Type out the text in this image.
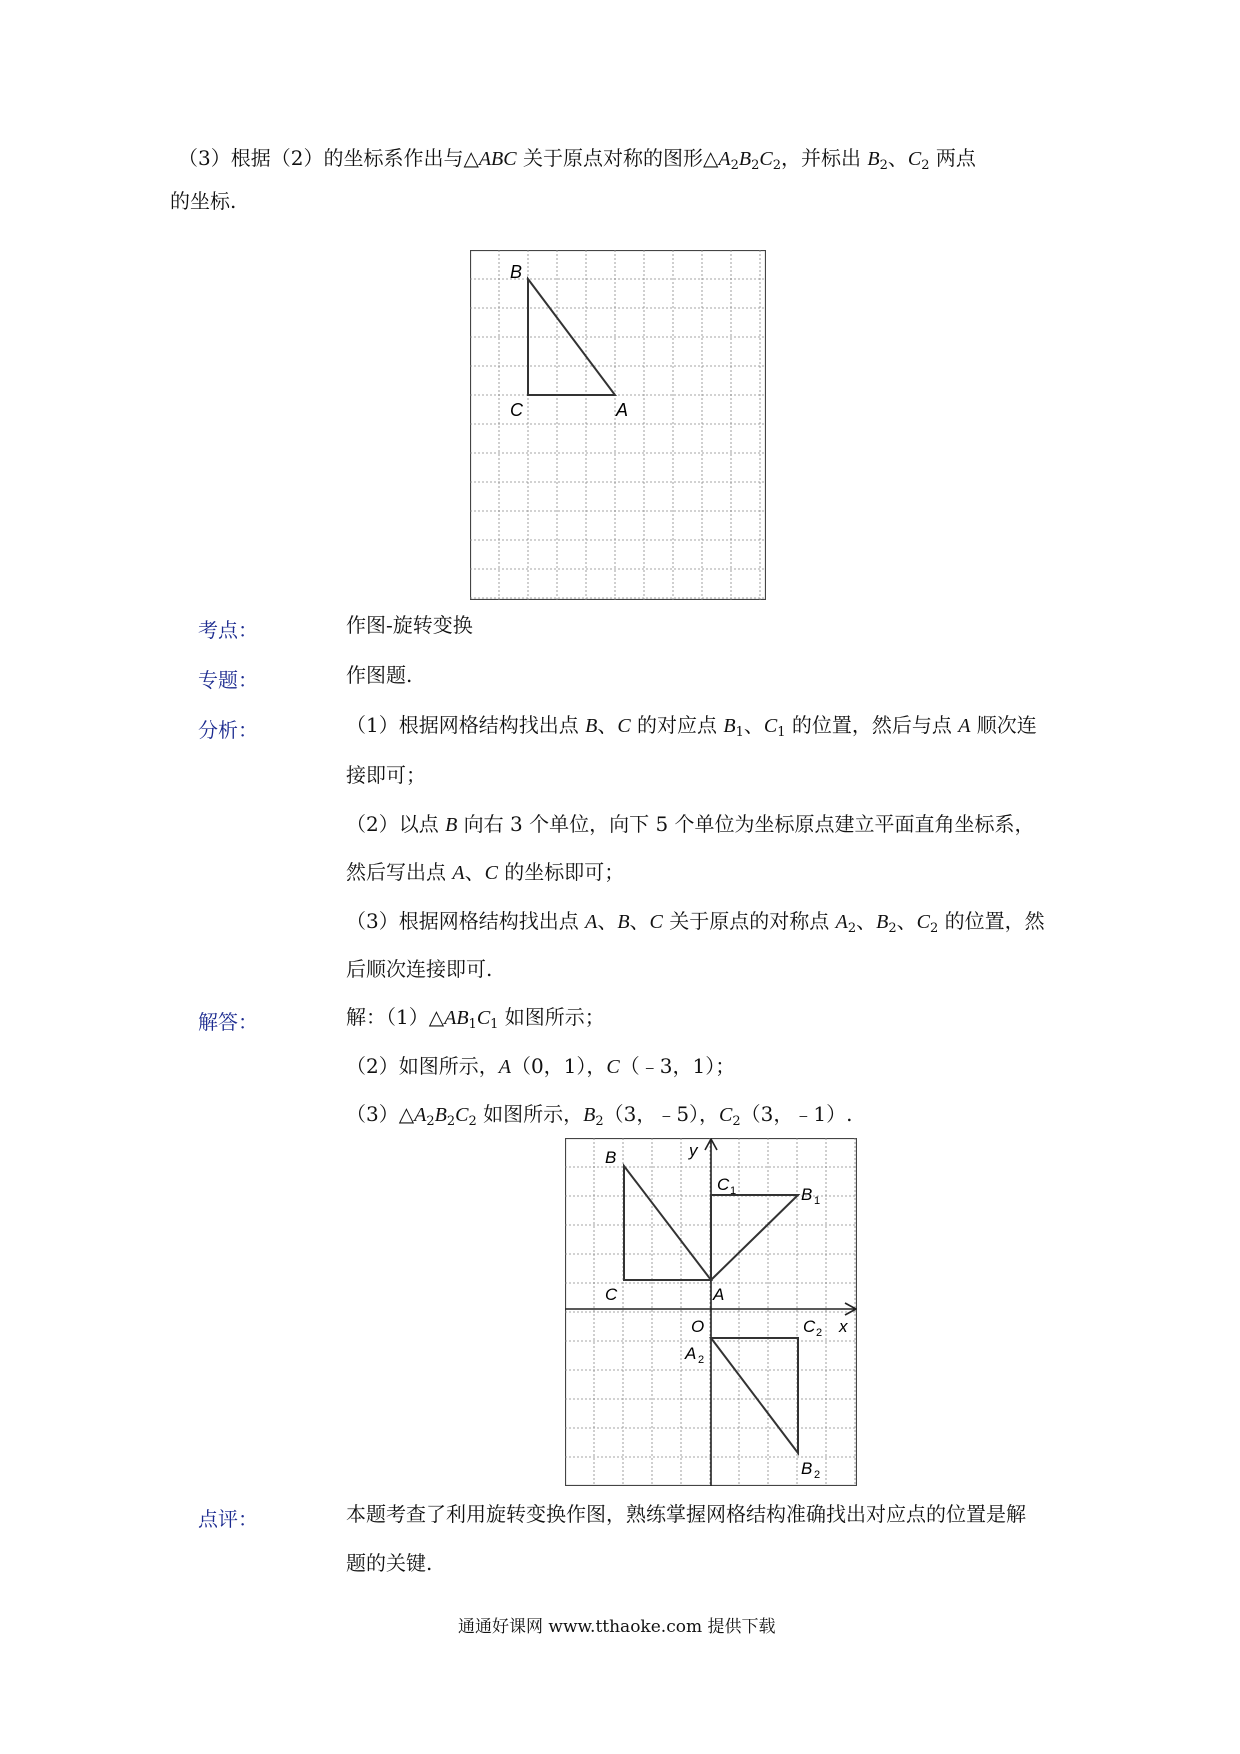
（3）根据（2）的坐标系作出与△ABC 关于原点对称的图形$\triangle A_2B_2C_2$，并标出 $B_2$、$C_2$ 两点
的坐标.
B
C	A
考点：	作图-旋转变换
专题：	作图题.
分析：	（1）根据网格结构找出点 B、C 的对应点 $B_1$、$C_1$ 的位置，然后与点 A 顺次连
接即可；
（2）以点 B 向右 3 个单位，向下 5 个单位为坐标原点建立平面直角坐标系，
然后写出点 A、C 的坐标即可；
（3）根据网格结构找出点 A、B、C 关于原点的对称点 $A_2$、$B_2$、$C_2$ 的位置，然
后顺次连接即可.
解答：	解：$(1)\triangle AB_1C_1$ 如图所示；
（2）如图所示，A（0，1），C（﹣3，1）；
$(3)\triangle A_2B_2C_2$ 如图所示，$B_2(3$，﹣5），$C_2(3$，﹣1）.
B
C	A
y
C 1	B 1
x
O	C 2
A 2
B 2
点评：	本题考查了利用旋转变换作图，熟练掌握网格结构准确找出对应点的位置是解
题的关键.
通通好课网 www.tthaoke.com 提供下载
